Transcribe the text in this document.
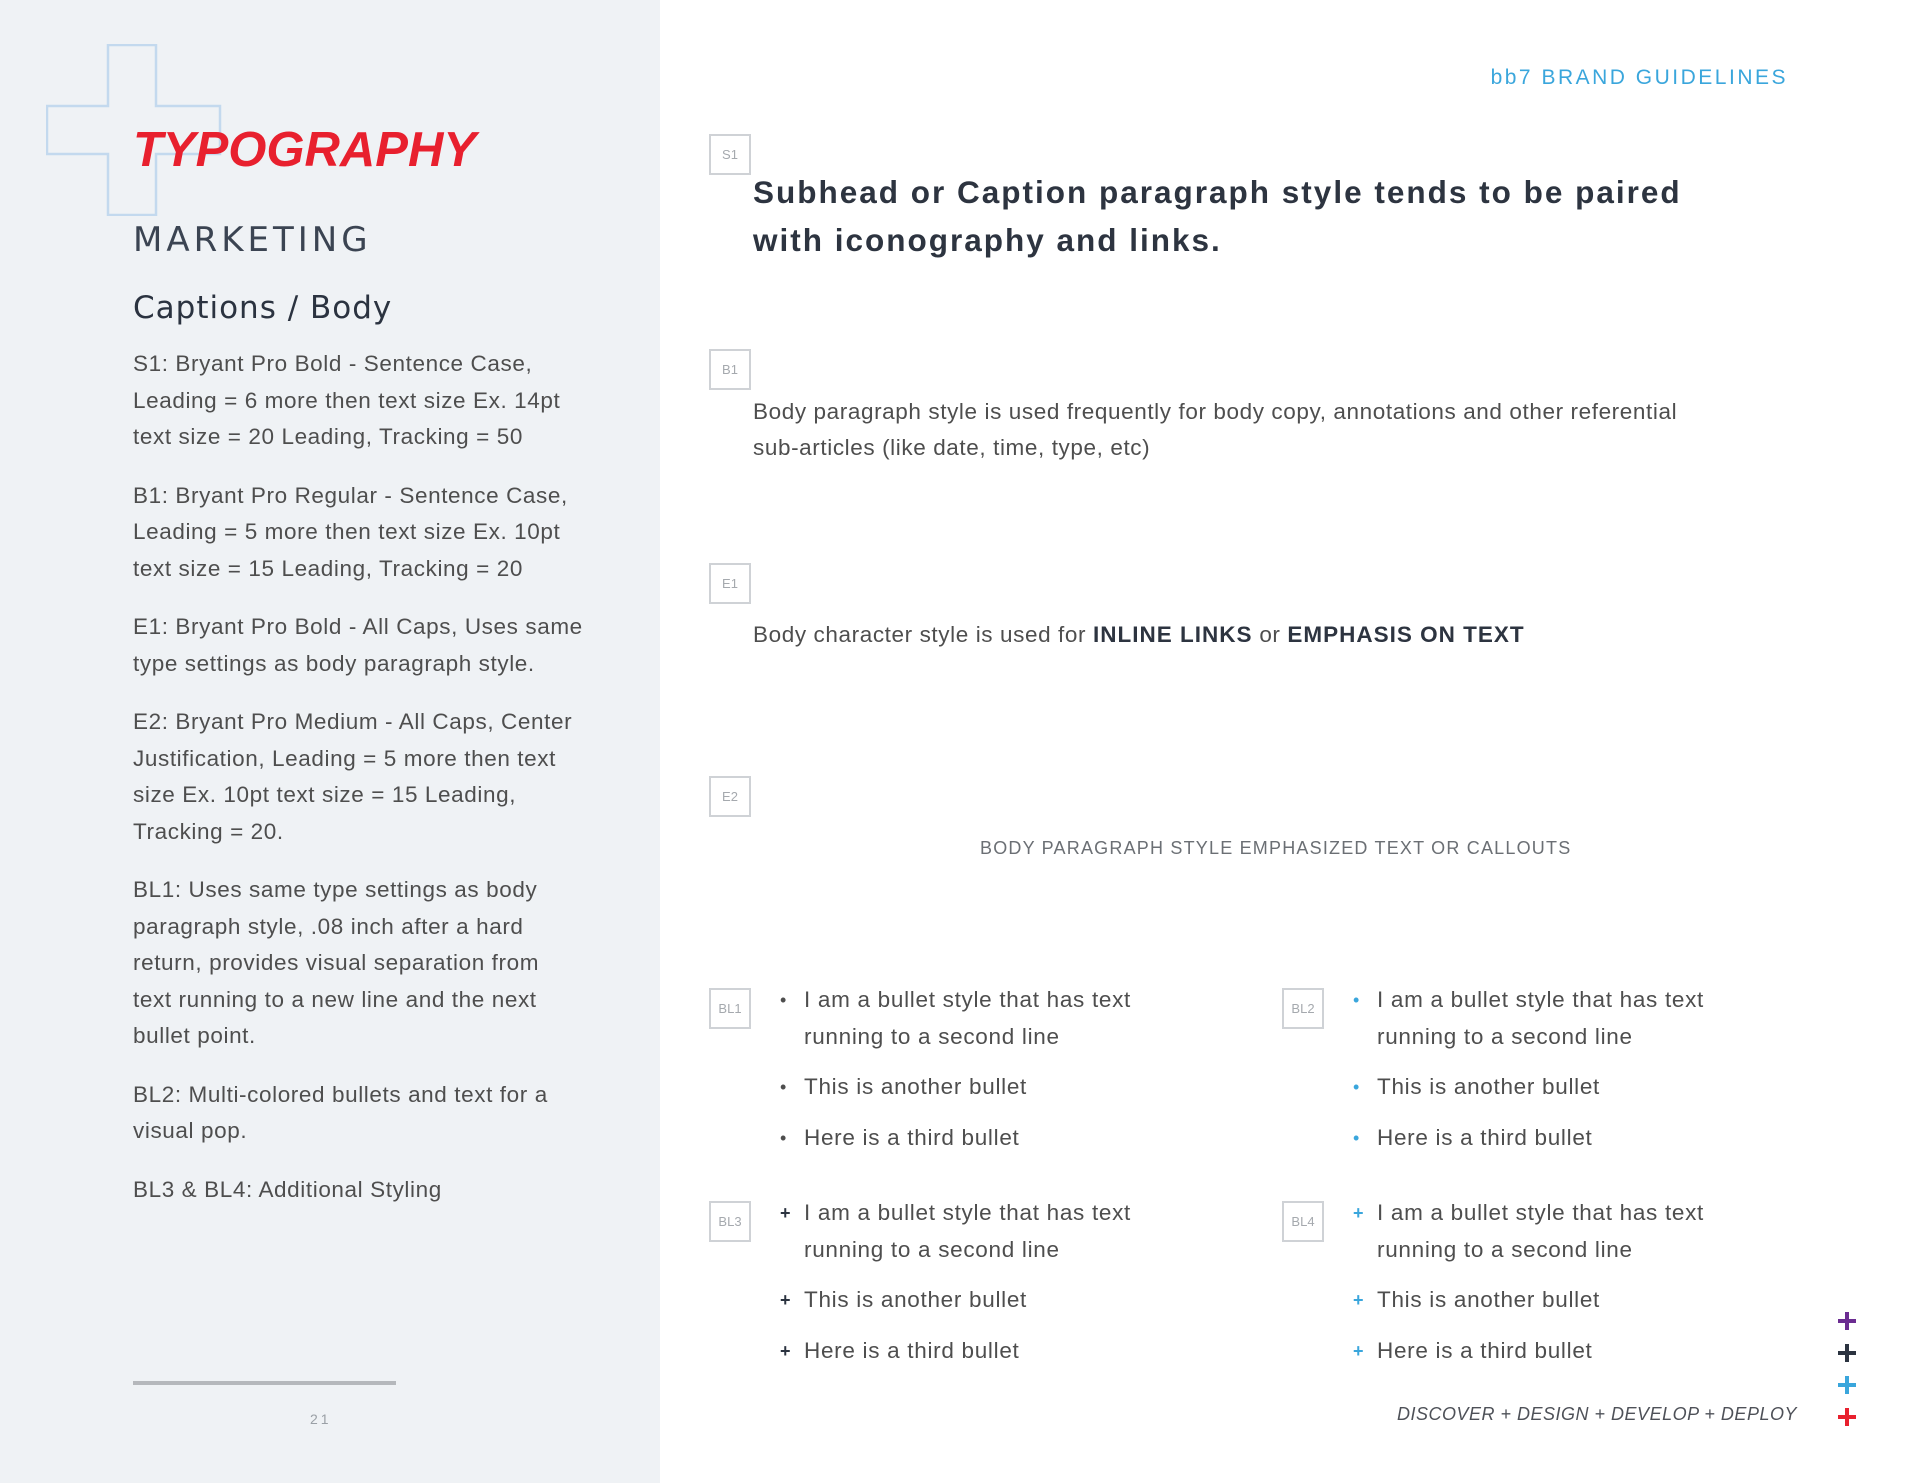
TYPOGRAPHY
MARKETING
Captions / Body

S1: Bryant Pro Bold - Sentence Case, Leading = 6 more then text size Ex. 14pt text size = 20 Leading, Tracking = 50

B1: Bryant Pro Regular - Sentence Case, Leading = 5 more then text size Ex. 10pt text size = 15 Leading, Tracking = 20

E1: Bryant Pro Bold - All Caps, Uses same type settings as body paragraph style.

E2: Bryant Pro Medium - All Caps, Center Justification, Leading = 5 more then text size Ex. 10pt text size = 15 Leading, Tracking = 20.

BL1: Uses same type settings as body paragraph style, .08 inch after a hard return, provides visual separation from text running to a new line and the next bullet point.

BL2: Multi-colored bullets and text for a visual pop.

BL3 & BL4: Additional Styling

21
bb7 BRAND GUIDELINES
S1
Subhead or Caption paragraph style tends to be paired with iconography and links.
B1
Body paragraph style is used frequently for body copy, annotations and other referential sub-articles (like date, time, type, etc)
E1
Body character style is used for INLINE LINKS or EMPHASIS ON TEXT
E2
BODY PARAGRAPH STYLE EMPHASIZED TEXT OR CALLOUTS
BL1	• I am a bullet style that has text running to a second line
• This is another bullet
• Here is a third bullet
BL2	• I am a bullet style that has text running to a second line
• This is another bullet
• Here is a third bullet
BL3	+ I am a bullet style that has text running to a second line
+ This is another bullet
+ Here is a third bullet
BL4	+ I am a bullet style that has text running to a second line
+ This is another bullet
+ Here is a third bullet
DISCOVER + DESIGN + DEVELOP + DEPLOY
